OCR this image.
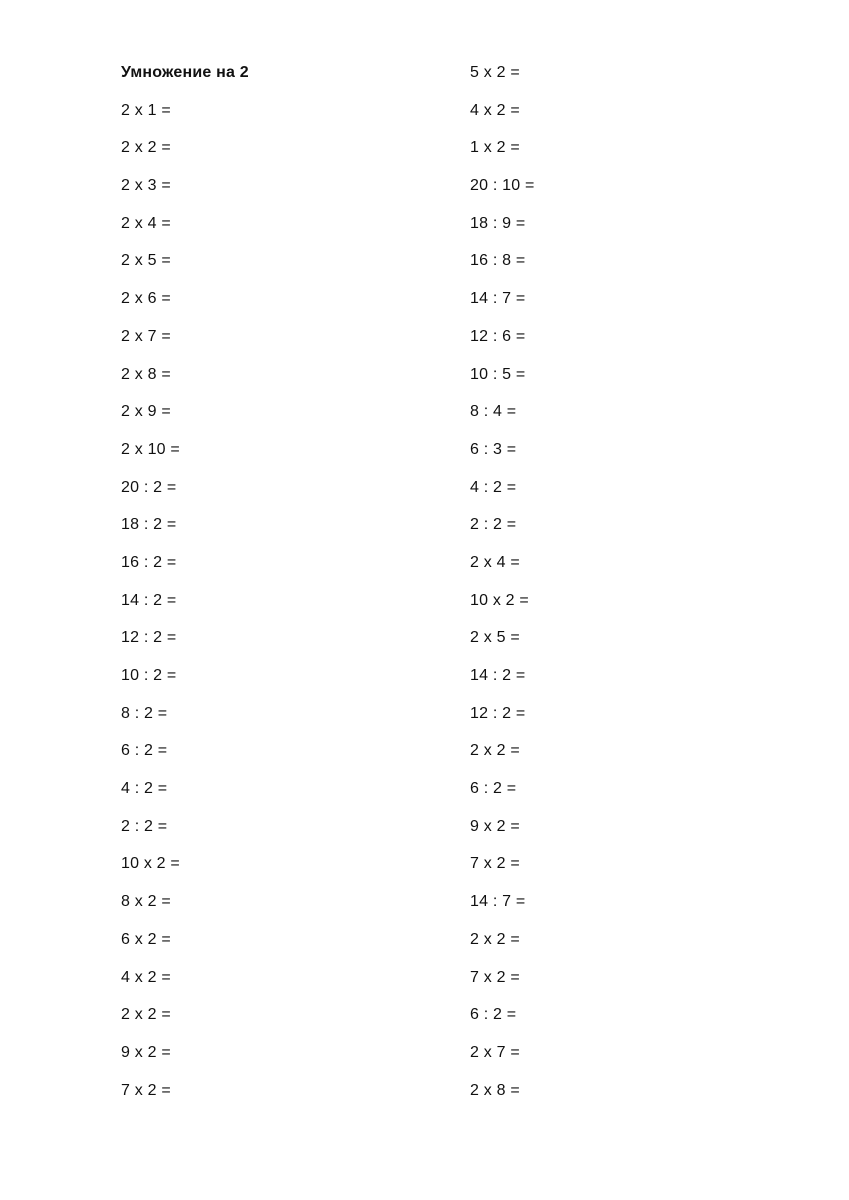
Умножение на 2
2 x 1 =
2 x 2 =
2 x 3 =
2 x 4 =
2 x 5 =
2 x 6 =
2 x 7 =
2 x 8 =
2 x 9 =
2 x 10 =
20 : 2 =
18 : 2 =
16 : 2 =
14 : 2 =
12 : 2 =
10 : 2 =
8 : 2 =
6 : 2 =
4 : 2 =
2 : 2 =
10 x 2 =
8 x 2 =
6 x 2 =
4 x 2 =
2 x 2 =
9 x 2 =
7 x 2 =
5 x 2 =
4 x 2 =
1 x 2 =
20 : 10 =
18 : 9 =
16 : 8 =
14 : 7 =
12 : 6 =
10 : 5 =
8 : 4 =
6 : 3 =
4 : 2 =
2 : 2 =
2 x 4 =
10 x 2 =
2 x 5 =
14 : 2 =
12 : 2 =
2 x 2 =
6 : 2 =
9 x 2 =
7 x 2 =
14 : 7 =
2 x 2 =
7 x 2 =
6 : 2 =
2 x 7 =
2 x 8 =
